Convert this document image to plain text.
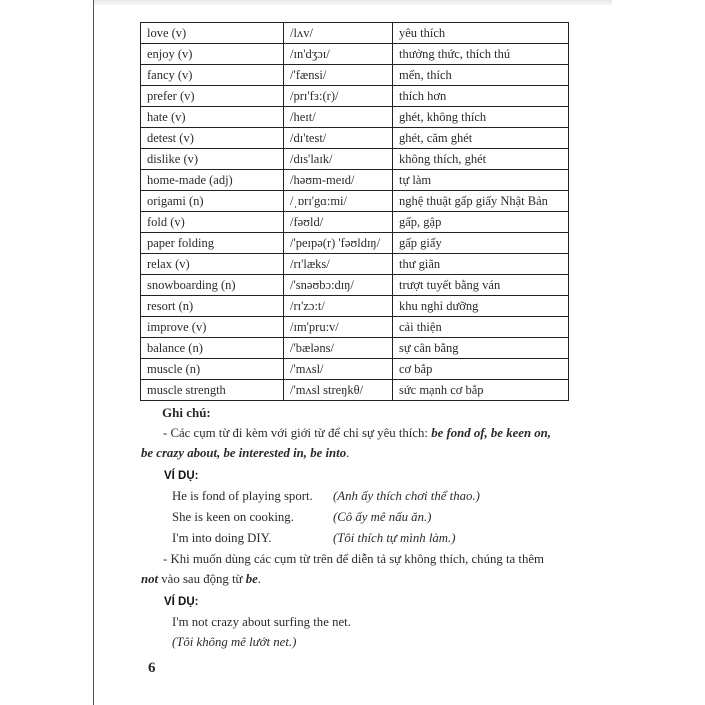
love (v)	/lʌv/	yêu thích
enjoy (v)	/ɪn'dʒɔɪ/	thưởng thức, thích thú
fancy (v)	/'fænsi/	mến, thích
prefer (v)	/prɪ'fɜ:(r)/	thích hơn
hate (v)	/heɪt/	ghét, không thích
detest (v)	/dɪ'test/	ghét, căm ghét
dislike (v)	/dɪs'laɪk/	không thích, ghét
home-made (adj)	/həʊm-meɪd/	tự làm
origami (n)	/ˌɒrɪ'gɑ:mi/	nghệ thuật gấp giấy Nhật Bản
fold (v)	/fəʊld/	gấp, gập
paper folding	/'peɪpə(r) 'fəʊldɪŋ/	gấp giấy
relax (v)	/rɪ'læks/	thư giãn
snowboarding (n)	/'snəʊbɔ:dɪŋ/	trượt tuyết bằng ván
resort (n)	/rɪ'zɔ:t/	khu nghỉ dưỡng
improve (v)	/ɪm'pru:v/	cải thiện
balance (n)	/'bæləns/	sự cân bằng
muscle (n)	/'mʌsl/	cơ bắp
muscle strength	/'mʌsl streŋkθ/	sức mạnh cơ bắp
Ghi chú:
- Các cụm từ đi kèm với giới từ để chỉ sự yêu thích: be fond of, be keen on,
be crazy about, be interested in, be into.
VÍ DỤ:
He is fond of playing sport.	(Anh ấy thích chơi thể thao.)
She is keen on cooking.	(Cô ấy mê nấu ăn.)
I'm into doing DIY.	(Tôi thích tự mình làm.)
- Khi muốn dùng các cụm từ trên để diễn tả sự không thích, chúng ta thêm
not vào sau động từ be.
VÍ DỤ:
I'm not crazy about surfing the net.
(Tôi không mê lướt net.)
6
